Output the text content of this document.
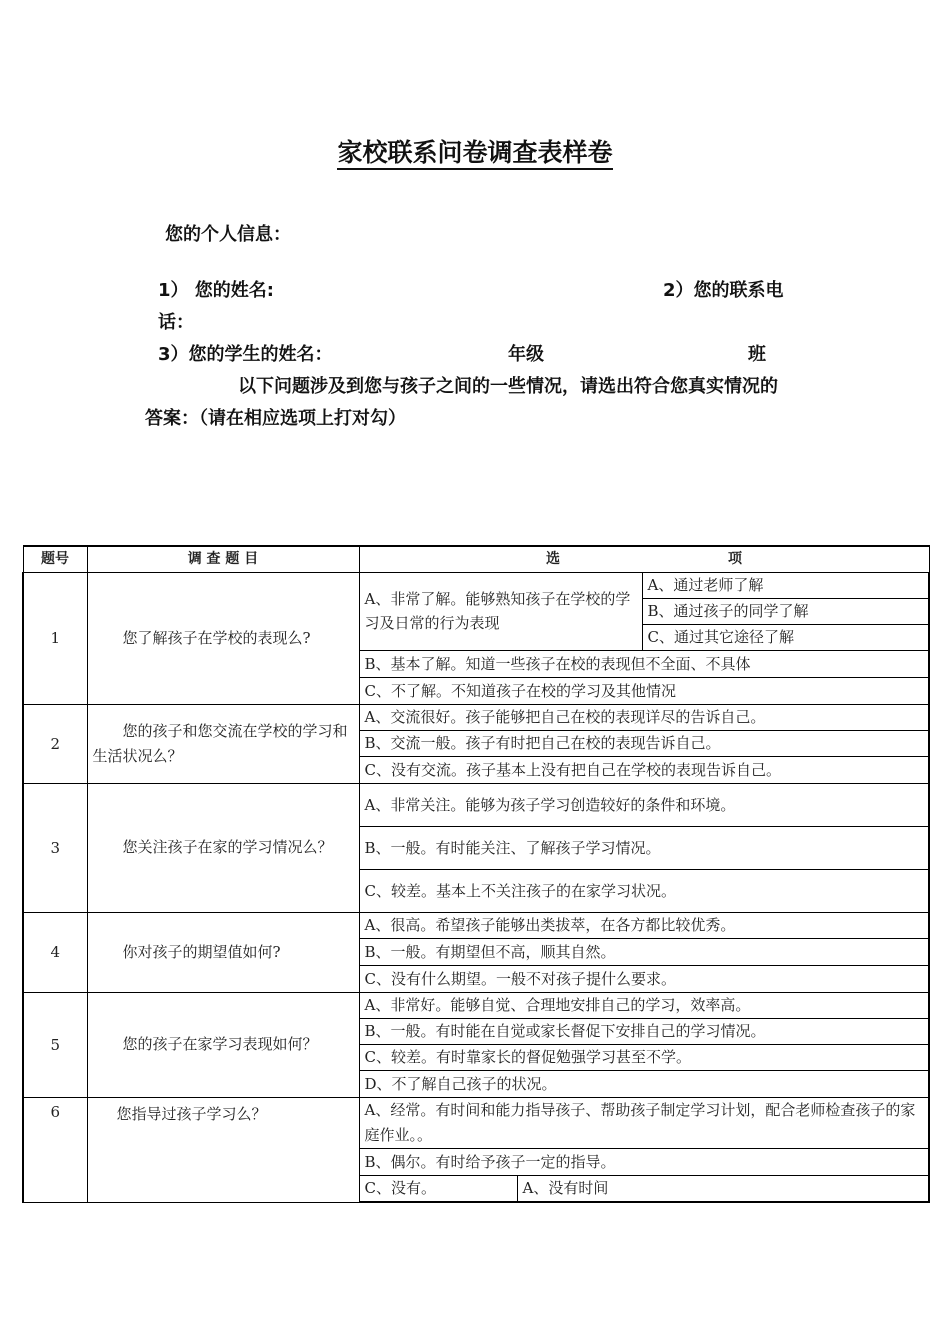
家校联系问卷调查表样卷
您的个人信息：
1） 您的姓名:	2）您的联系电
话：
3）您的学生的姓名：	年级	班
以下问题涉及到您与孩子之间的一些情况，请选出符合您真实情况的
答案：（请在相应选项上打对勾）
题号	调 查 题 目	选 项		
1	您了解孩子在学校的表现么?	A、非常了解。能够熟知孩子在学校的学习及日常的行为表现		A、通过老师了解
				B、通过孩子的同学了解
				C、通过其它途径了解
		B、基本了解。知道一些孩子在校的表现但不全面、不具体		
		C、不了解。不知道孩子在校的学习及其他情况		
2	您的孩子和您交流在学校的学习和生活状况么？	A、交流很好。孩子能够把自己在校的表现详尽的告诉自己。		
		B、交流一般。孩子有时把自己在校的表现告诉自己。		
		C、没有交流。孩子基本上没有把自己在学校的表现告诉自己。		
3	您关注孩子在家的学习情况么？	A、非常关注。能够为孩子学习创造较好的条件和环境。		
		B、一般。有时能关注、了解孩子学习情况。		
		C、较差。基本上不关注孩子的在家学习状况。		
4	你对孩子的期望值如何?	A、很高。希望孩子能够出类拔萃，在各方都比较优秀。		
		B、一般。有期望但不高，顺其自然。		
		C、没有什么期望。一般不对孩子提什么要求。		
5	您的孩子在家学习表现如何？	A、非常好。能够自觉、合理地安排自己的学习，效率高。		
		B、一般。有时能在自觉或家长督促下安排自己的学习情况。		
		C、较差。有时靠家长的督促勉强学习甚至不学。		
		D、不了解自己孩子的状况。		
6	您指导过孩子学习么？	A、经常。有时间和能力指导孩子、帮助孩子制定学习计划，配合老师检查孩子的家庭作业。。		
		B、偶尔。有时给予孩子一定的指导。		
		C、没有。	A、没有时间	
